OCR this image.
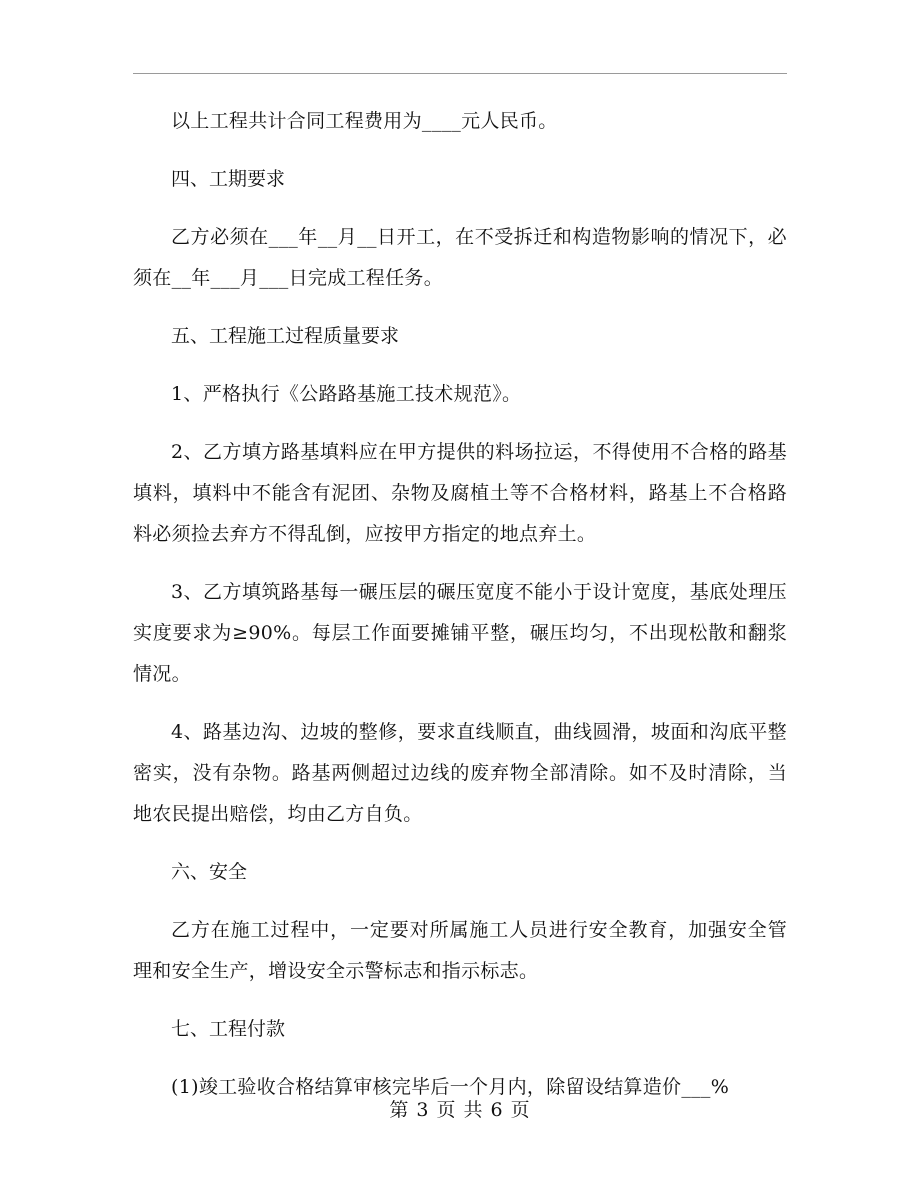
以上工程共计合同工程费用为____元人民币。

四、工期要求

乙方必须在___年__月__日开工，在不受拆迁和构造物影响的情况下，必须在__年___月___日完成工程任务。

五、工程施工过程质量要求

1、严格执行《公路路基施工技术规范》。

2、乙方填方路基填料应在甲方提供的料场拉运，不得使用不合格的路基填料，填料中不能含有泥团、杂物及腐植土等不合格材料，路基上不合格路料必须捡去弃方不得乱倒，应按甲方指定的地点弃土。

3、乙方填筑路基每一碾压层的碾压宽度不能小于设计宽度，基底处理压实度要求为≥90%。每层工作面要摊铺平整，碾压均匀，不出现松散和翻浆情况。

4、路基边沟、边坡的整修，要求直线顺直，曲线圆滑，坡面和沟底平整密实，没有杂物。路基两侧超过边线的废弃物全部清除。如不及时清除，当地农民提出赔偿，均由乙方自负。

六、安全

乙方在施工过程中，一定要对所属施工人员进行安全教育，加强安全管理和安全生产，增设安全示警标志和指示标志。

七、工程付款

(1)竣工验收合格结算审核完毕后一个月内，除留设结算造价___%

第 3 页 共 6 页
